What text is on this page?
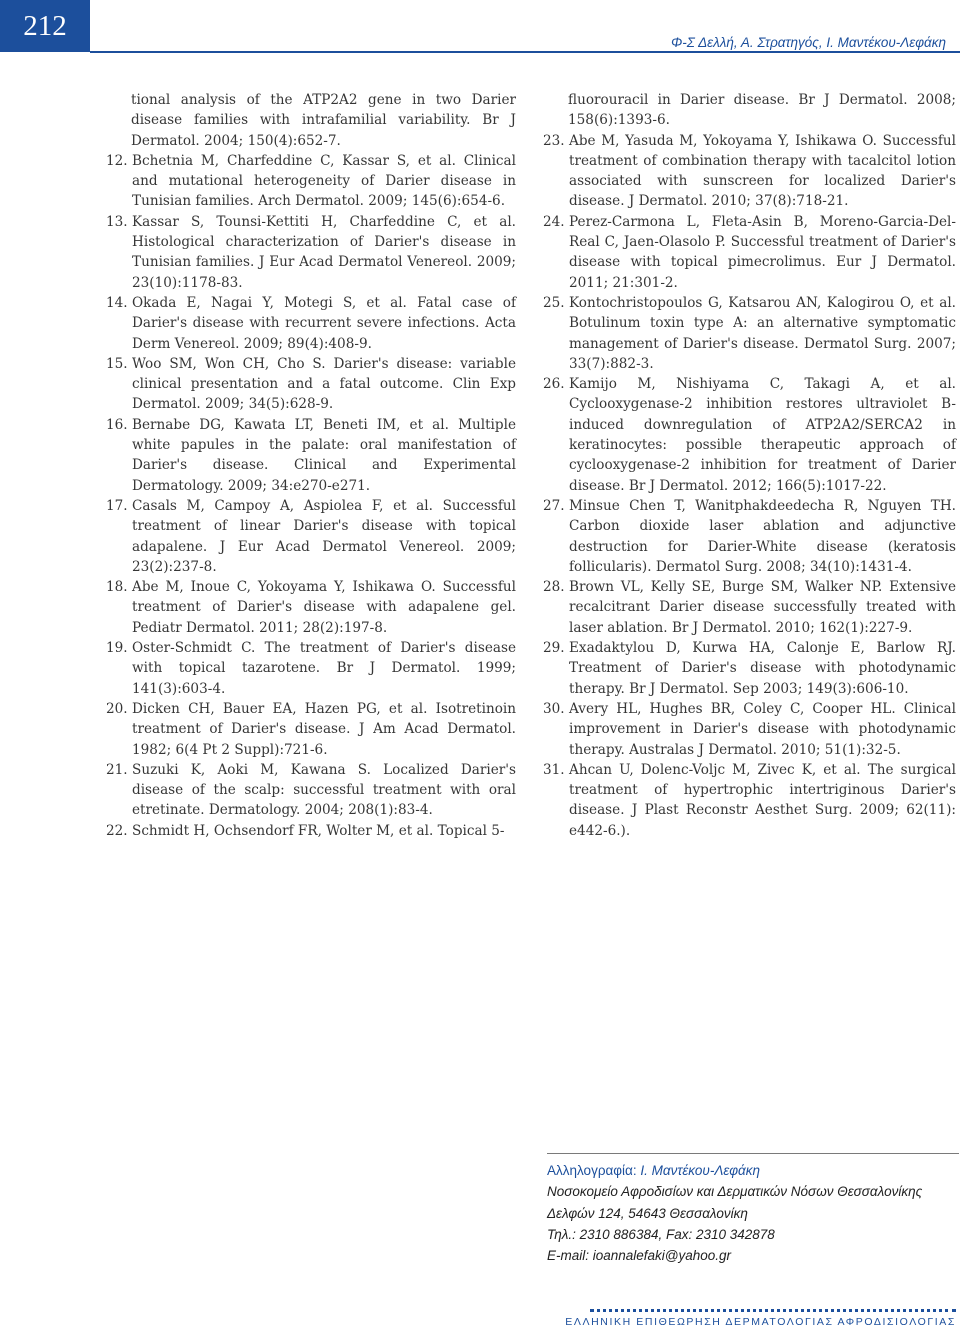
212
Φ-Σ Δελλή, Α. Στρατηγός, Ι. Μαντέκου-Λεφάκη
tional analysis of the ATP2A2 gene in two Darier disease families with intrafamilial variability. Br J Dermatol. 2004; 150(4):652-7.
12. Bchetnia M, Charfeddine C, Kassar S, et al. Clinical and mutational heterogeneity of Darier disease in Tunisian families. Arch Dermatol. 2009; 145(6):654-6.
13. Kassar S, Tounsi-Kettiti H, Charfeddine C, et al. Histological characterization of Darier's disease in Tunisian families. J Eur Acad Dermatol Venereol. 2009; 23(10):1178-83.
14. Okada E, Nagai Y, Motegi S, et al. Fatal case of Darier's disease with recurrent severe infections. Acta Derm Venereol. 2009; 89(4):408-9.
15. Woo SM, Won CH, Cho S. Darier's disease: variable clinical presentation and a fatal outcome. Clin Exp Dermatol. 2009; 34(5):628-9.
16. Bernabe DG, Kawata LT, Beneti IM, et al. Multiple white papules in the palate: oral manifestation of Darier's disease. Clinical and Experimental Dermatology. 2009; 34:e270-e271.
17. Casals M, Campoy A, Aspiolea F, et al. Successful treatment of linear Darier's disease with topical adapalene. J Eur Acad Dermatol Venereol. 2009; 23(2):237-8.
18. Abe M, Inoue C, Yokoyama Y, Ishikawa O. Successful treatment of Darier's disease with adapalene gel. Pediatr Dermatol. 2011; 28(2):197-8.
19. Oster-Schmidt C. The treatment of Darier's disease with topical tazarotene. Br J Dermatol. 1999; 141(3):603-4.
20. Dicken CH, Bauer EA, Hazen PG, et al. Isotretinoin treatment of Darier's disease. J Am Acad Dermatol. 1982; 6(4 Pt 2 Suppl):721-6.
21. Suzuki K, Aoki M, Kawana S. Localized Darier's disease of the scalp: successful treatment with oral etretinate. Dermatology. 2004; 208(1):83-4.
22. Schmidt H, Ochsendorf FR, Wolter M, et al. Topical 5-
fluorouracil in Darier disease. Br J Dermatol. 2008; 158(6):1393-6.
23. Abe M, Yasuda M, Yokoyama Y, Ishikawa O. Successful treatment of combination therapy with tacalcitol lotion associated with sunscreen for localized Darier's disease. J Dermatol. 2010; 37(8):718-21.
24. Perez-Carmona L, Fleta-Asin B, Moreno-Garcia-Del-Real C, Jaen-Olasolo P. Successful treatment of Darier's disease with topical pimecrolimus. Eur J Dermatol. 2011; 21:301-2.
25. Kontochristopoulos G, Katsarou AN, Kalogirou O, et al. Botulinum toxin type A: an alternative symptomatic management of Darier's disease. Dermatol Surg. 2007; 33(7):882-3.
26. Kamijo M, Nishiyama C, Takagi A, et al. Cyclooxygenase-2 inhibition restores ultraviolet B-induced downregulation of ATP2A2/SERCA2 in keratinocytes: possible therapeutic approach of cyclooxygenase-2 inhibition for treatment of Darier disease. Br J Dermatol. 2012; 166(5):1017-22.
27. Minsue Chen T, Wanitphakdeedecha R, Nguyen TH. Carbon dioxide laser ablation and adjunctive destruction for Darier-White disease (keratosis follicularis). Dermatol Surg. 2008; 34(10):1431-4.
28. Brown VL, Kelly SE, Burge SM, Walker NP. Extensive recalcitrant Darier disease successfully treated with laser ablation. Br J Dermatol. 2010; 162(1):227-9.
29. Exadaktylou D, Kurwa HA, Calonje E, Barlow RJ. Treatment of Darier's disease with photodynamic therapy. Br J Dermatol. Sep 2003; 149(3):606-10.
30. Avery HL, Hughes BR, Coley C, Cooper HL. Clinical improvement in Darier's disease with photodynamic therapy. Australas J Dermatol. 2010; 51(1):32-5.
31. Ahcan U, Dolenc-Voljc M, Zivec K, et al. The surgical treatment of hypertrophic intertriginous Darier's disease. J Plast Reconstr Aesthet Surg. 2009; 62(11): e442-6.).
Αλληλογραφία: Ι. Μαντέκου-Λεφάκη
Νοσοκομείο Αφροδισίων και Δερματικών Νόσων Θεσσαλονίκης
Δελφών 124, 54643 Θεσσαλονίκη
Τηλ.: 2310 886384, Fax: 2310 342878
E-mail: ioannalefaki@yahoo.gr
ΕΛΛΗΝΙΚΗ ΕΠΙΘΕΩΡΗΣΗ ΔΕΡΜΑΤΟΛΟΓΙΑΣ ΑΦΡΟΔΙΣΙΟΛΟΓΙΑΣ
